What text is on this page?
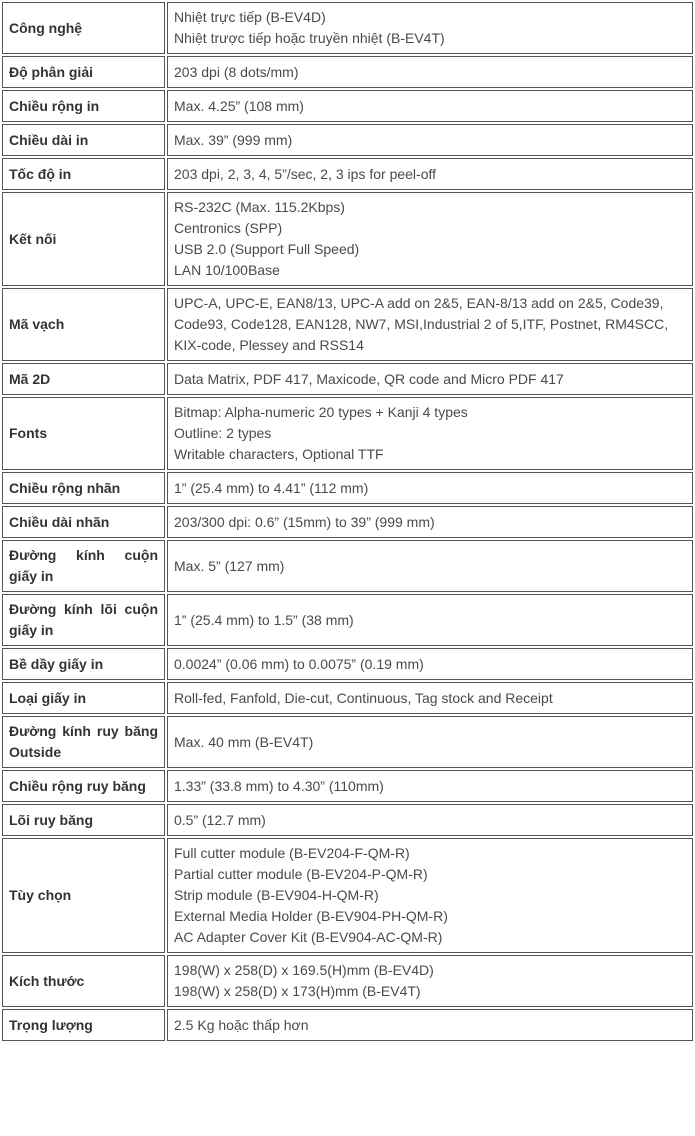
Công nghệ	Nhiệt trực tiếp (B-EV4D)
Nhiệt trược tiếp hoặc truyền nhiệt (B-EV4T)

Độ phân giải	203 dpi (8 dots/mm)

Chiều rộng in	Max. 4.25” (108 mm)

Chiều dài in	Max. 39” (999 mm)

Tốc độ in	203 dpi, 2, 3, 4, 5”/sec, 2, 3 ips for peel-off

Kết nối	RS-232C (Max. 115.2Kbps)
Centronics (SPP)
USB 2.0 (Support Full Speed)
LAN 10/100Base

Mã vạch	UPC-A, UPC-E, EAN8/13, UPC-A add on 2&5, EAN-8/13 add on 2&5, Code39,
Code93, Code128, EAN128, NW7, MSI,Industrial 2 of 5,ITF, Postnet, RM4SCC,
KIX-code, Plessey and RSS14

Mã 2D	Data Matrix, PDF 417, Maxicode, QR code and Micro PDF 417

Fonts	Bitmap: Alpha-numeric 20 types + Kanji 4 types
Outline: 2 types
Writable characters, Optional TTF

Chiều rộng nhãn	1” (25.4 mm) to 4.41” (112 mm)

Chiều dài nhãn	203/300 dpi: 0.6” (15mm) to 39” (999 mm)

Đường kính cuộn giấy in	Max. 5” (127 mm)

Đường kính lõi cuộn giấy in	1” (25.4 mm) to 1.5” (38 mm)

Bề dầy giấy in	0.0024” (0.06 mm) to 0.0075” (0.19 mm)

Loại giấy in	Roll-fed, Fanfold, Die-cut, Continuous, Tag stock and Receipt

Đường kính ruy băng Outside	Max. 40 mm (B-EV4T)

Chiều rộng ruy băng	1.33” (33.8 mm) to 4.30” (110mm)

Lõi ruy băng	0.5” (12.7 mm)

Tùy chọn	Full cutter module (B-EV204-F-QM-R)
Partial cutter module (B-EV204-P-QM-R)
Strip module (B-EV904-H-QM-R)
External Media Holder (B-EV904-PH-QM-R)
AC Adapter Cover Kit (B-EV904-AC-QM-R)

Kích thước	198(W) x 258(D) x 169.5(H)mm (B-EV4D)
198(W) x 258(D) x 173(H)mm (B-EV4T)

Trọng lượng	2.5 Kg hoặc thấp hơn
